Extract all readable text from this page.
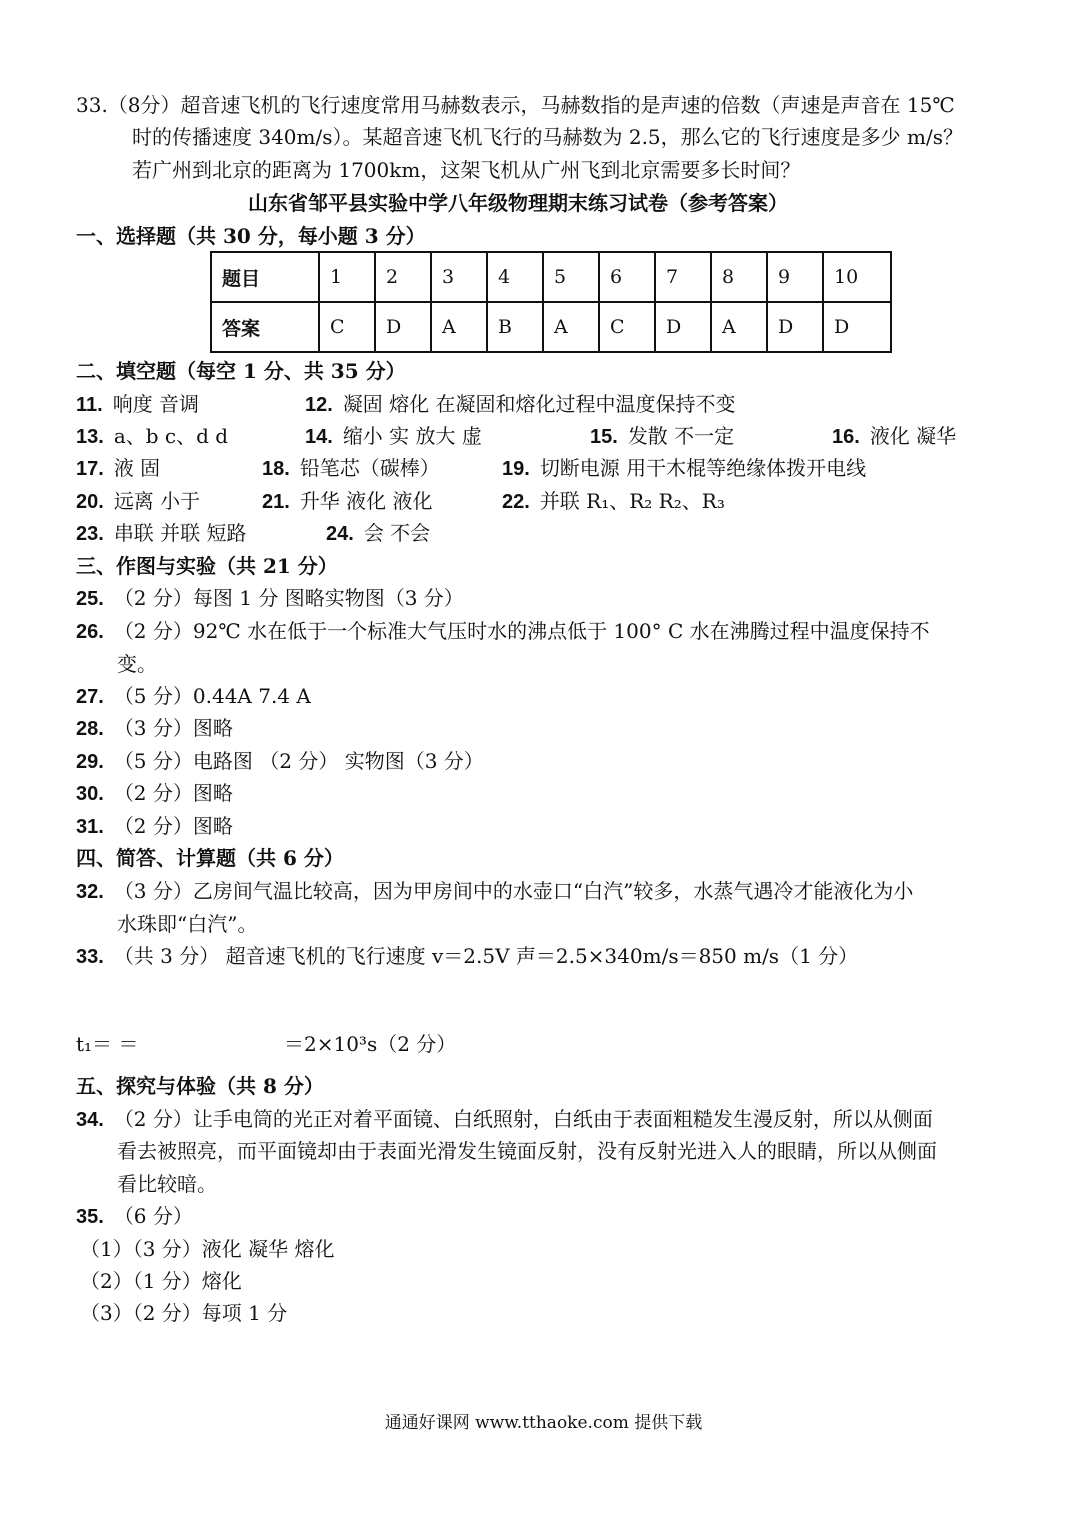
33.（8分）超音速飞机的飞行速度常用马赫数表示，马赫数指的是声速的倍数（声速是声音在 15℃
时的传播速度 340m/s）。某超音速飞机飞行的马赫数为 2.5，那么它的飞行速度是多少 m/s？
若广州到北京的距离为 1700km，这架飞机从广州飞到北京需要多长时间？
山东省邹平县实验中学八年级物理期末练习试卷（参考答案）
一、选择题（共 30 分，每小题 3 分）
题目	1	2	3	4	5	6	7	8	9	10
答案	C	D	A	B	A	C	D	A	D	D
二、填空题（每空 1 分、共 35 分）
11. 响度 音调	12. 凝固 熔化 在凝固和熔化过程中温度保持不变
13. a、b c、d d	14. 缩小 实 放大 虚	15. 发散 不一定	16. 液化 凝华
17. 液 固	18. 铅笔芯（碳棒）	19. 切断电源 用干木棍等绝缘体拨开电线
20. 远离 小于	21. 升华 液化 液化	22. 并联 R₁、R₂ R₂、R₃
23. 串联 并联 短路	24. 会 不会
三、作图与实验（共 21 分）
25. （2 分）每图 1 分 图略实物图（3 分）
26. （2 分）92℃ 水在低于一个标准大气压时水的沸点低于 100° C 水在沸腾过程中温度保持不
变。
27. （5 分）0.44A 7.4 A
28. （3 分）图略
29. （5 分）电路图 （2 分） 实物图（3 分）
30. （2 分）图略
31. （2 分）图略
四、简答、计算题（共 6 分）
32. （3 分）乙房间气温比较高，因为甲房间中的水壶口“白汽”较多，水蒸气遇冷才能液化为小
水珠即“白汽”。
33. （共 3 分） 超音速飞机的飞行速度 v＝2.5V 声＝2.5×340m/s＝850 m/s（1 分）
t₁＝ ＝	＝2×10³s（2 分）
五、探究与体验（共 8 分）
34. （2 分）让手电筒的光正对着平面镜、白纸照射，白纸由于表面粗糙发生漫反射，所以从侧面
看去被照亮，而平面镜却由于表面光滑发生镜面反射，没有反射光进入人的眼睛，所以从侧面
看比较暗。
35. （6 分）
（1）（3 分）液化 凝华 熔化
（2）（1 分）熔化
（3）（2 分）每项 1 分
通通好课网 www.tthaoke.com 提供下载
